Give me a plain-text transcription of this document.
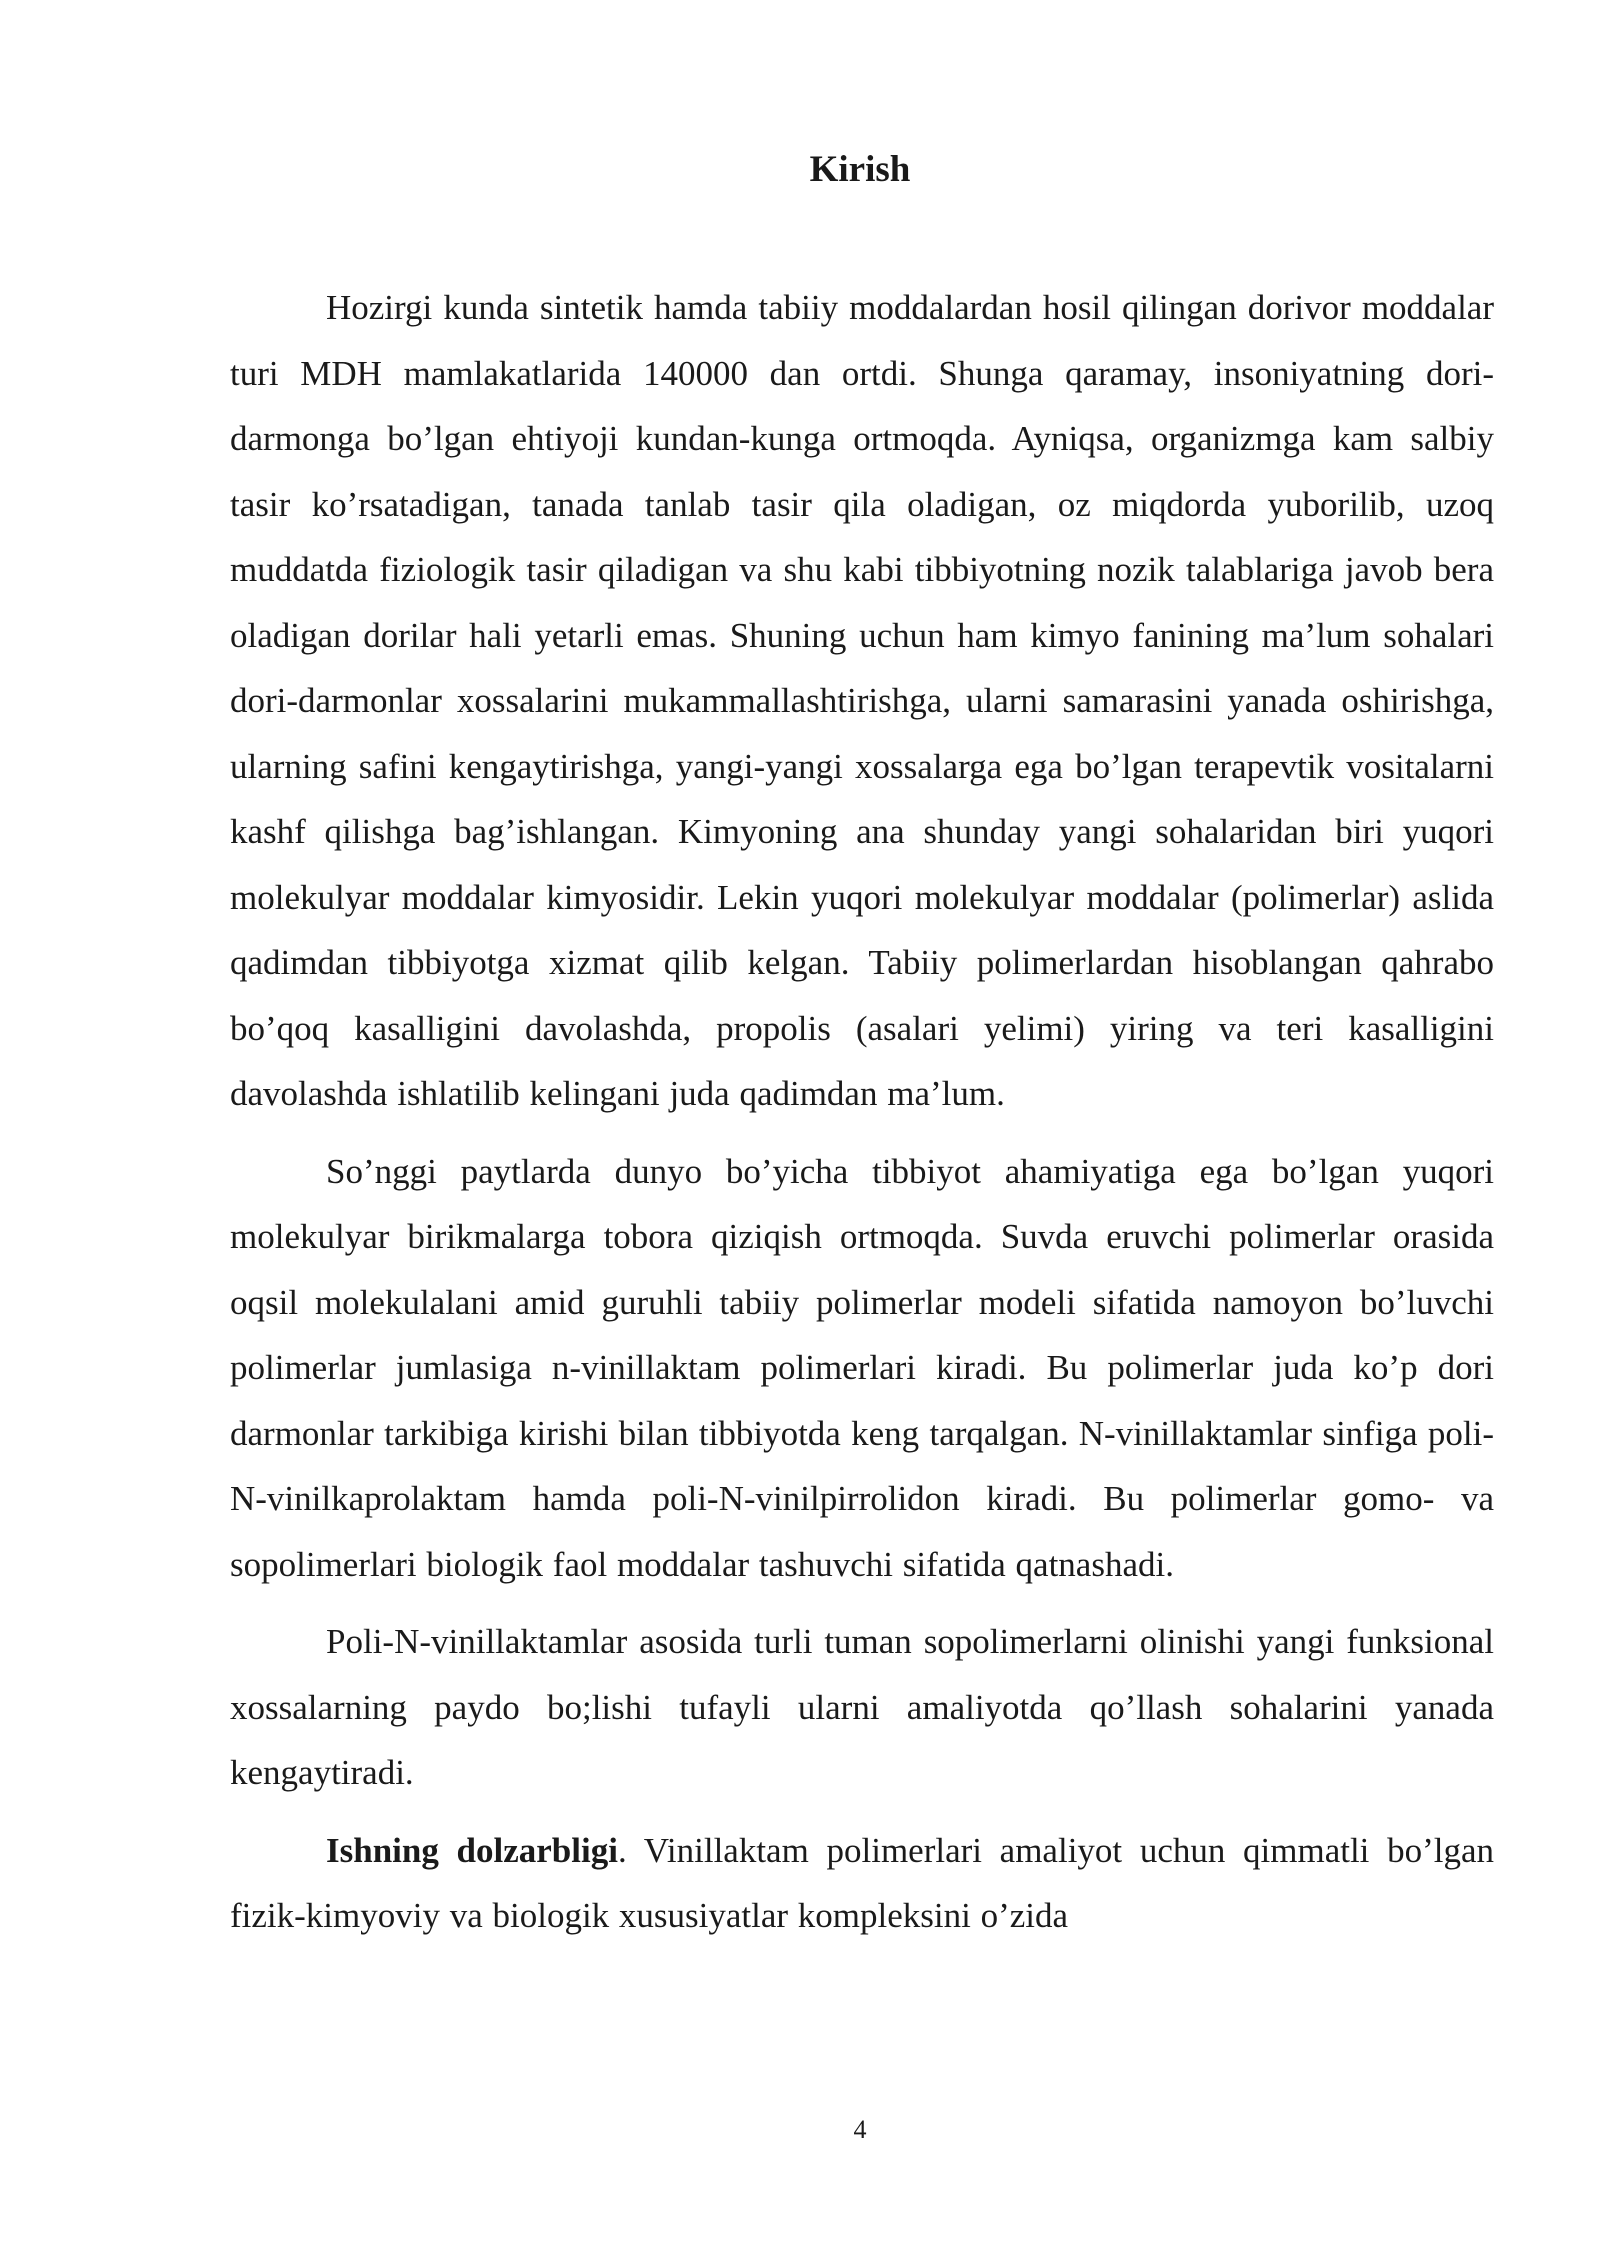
Kirish

Hozirgi kunda sintetik hamda tabiiy moddalardan hosil qilingan dorivor moddalar turi MDH mamlakatlarida 140000 dan ortdi. Shunga qaramay, insoniyatning dori-darmonga bo’lgan ehtiyoji kundan-kunga ortmoqda. Ayniqsa, organizmga kam salbiy tasir ko’rsatadigan, tanada tanlab tasir qila oladigan, oz miqdorda yuborilib, uzoq muddatda fiziologik tasir qiladigan va shu kabi tibbiyotning nozik talablariga javob bera oladigan dorilar hali yetarli emas. Shuning uchun ham kimyo fanining ma’lum sohalari dori-darmonlar xossalarini mukammallashtirishga, ularni samarasini yanada oshirishga, ularning safini kengaytirishga, yangi-yangi xossalarga ega bo’lgan terapevtik vositalarni kashf qilishga bag’ishlangan. Kimyoning ana shunday yangi sohalaridan biri yuqori molekulyar moddalar kimyosidir. Lekin yuqori molekulyar moddalar (polimerlar) aslida qadimdan tibbiyotga xizmat qilib kelgan. Tabiiy polimerlardan hisoblangan qahrabo bo’qoq kasalligini davolashda, propolis (asalari yelimi) yiring va teri kasalligini davolashda ishlatilib kelingani juda qadimdan ma’lum.

So’nggi paytlarda dunyo bo’yicha tibbiyot ahamiyatiga ega bo’lgan yuqori molekulyar birikmalarga tobora qiziqish ortmoqda. Suvda eruvchi polimerlar orasida oqsil molekulalani amid guruhli tabiiy polimerlar modeli sifatida namoyon bo’luvchi polimerlar jumlasiga n-vinillaktam polimerlari kiradi. Bu polimerlar juda ko’p dori darmonlar tarkibiga kirishi bilan tibbiyotda keng tarqalgan. N-vinillaktamlar sinfiga poli-N-vinilkaprolaktam hamda poli-N-vinilpirrolidon kiradi. Bu polimerlar gomo- va sopolimerlari biologik faol moddalar tashuvchi sifatida qatnashadi.

Poli-N-vinillaktamlar asosida turli tuman sopolimerlarni olinishi yangi funksional xossalarning paydo bo;lishi tufayli ularni amaliyotda qo’llash sohalarini yanada kengaytiradi.

Ishning dolzarbligi. Vinillaktam polimerlari amaliyot uchun qimmatli bo’lgan fizik-kimyoviy va biologik xususiyatlar kompleksini o’zida

4
